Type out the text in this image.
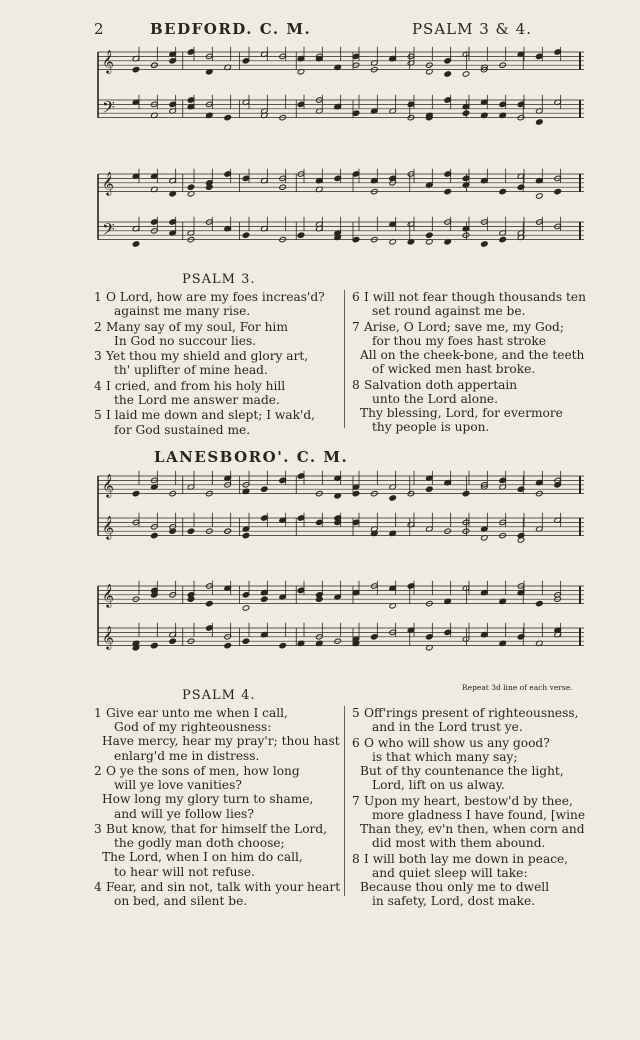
2	BEDFORD. C. M.	PSALM 3 & 4.
𝄞
𝄢
𝄞
𝄢
PSALM 3.
1 O Lord, how are my foes increas'd?
against me many rise.
2 Many say of my soul, For him
In God no succour lies.
3 Yet thou my shield and glory art,
th' uplifter of mine head.
4 I cried, and from his holy hill
the Lord me answer made.
5 I laid me down and slept; I wak'd,
for God sustained me.
6 I will not fear though thousands ten
set round against me be.
7 Arise, O Lord; save me, my God;
for thou my foes hast stroke
All on the cheek-bone, and the teeth
of wicked men hast broke.
8 Salvation doth appertain
unto the Lord alone.
Thy blessing, Lord, for evermore
thy people is upon.
LANESBORO'. C. M.
𝄞
𝄞
𝄞
𝄞
Repeat 3d line of each verse.
PSALM 4.
1 Give ear unto me when I call,
God of my righteousness:
Have mercy, hear my pray'r; thou hast
enlarg'd me in distress.
2 O ye the sons of men, how long
will ye love vanities?
How long my glory turn to shame,
and will ye follow lies?
3 But know, that for himself the Lord,
the godly man doth choose;
The Lord, when I on him do call,
to hear will not refuse.
4 Fear, and sin not, talk with your heart
on bed, and silent be.
5 Off'rings present of righteousness,
and in the Lord trust ye.
6 O who will show us any good?
is that which many say;
But of thy countenance the light,
Lord, lift on us alway.
7 Upon my heart, bestow'd by thee,
more gladness I have found, [wine
Than they, ev'n then, when corn and
did most with them abound.
8 I will both lay me down in peace,
and quiet sleep will take:
Because thou only me to dwell
in safety, Lord, dost make.
